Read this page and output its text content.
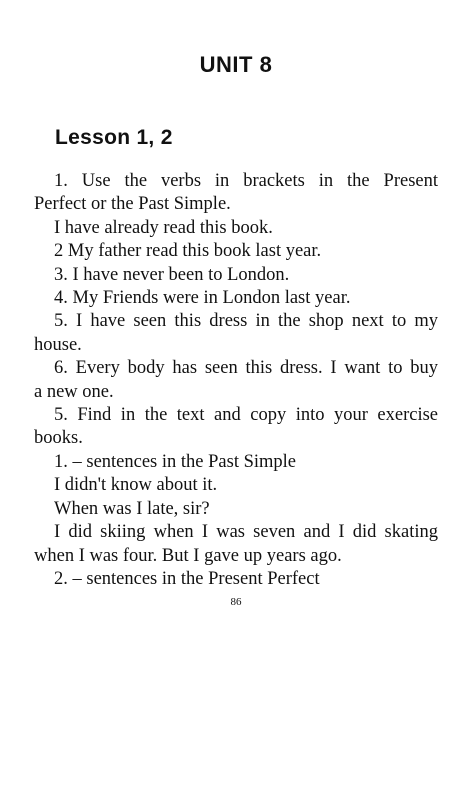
UNIT 8
Lesson 1, 2
1. Use the verbs in brackets in the Present
Perfect or the Past Simple.
I have already read this book.
2 My father read this book last year.
3. I have never been to London.
4. My Friends were in London last year.
5. I have seen this dress in the shop next to my
house.
6. Every body has seen this dress. I want to buy
a new one.
5. Find in the text and copy into your exercise
books.
1. – sentences in the Past Simple
I didn't know about it.
When was I late, sir?
I did skiing when I was seven and I did skating
when I was four. But I gave up years ago.
2. – sentences in the Present Perfect
86
